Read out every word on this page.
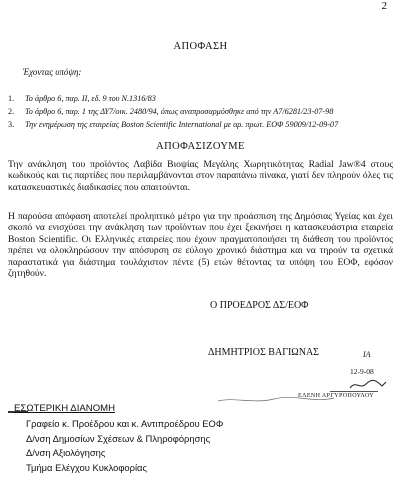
2
ΑΠΟΦΑΣΗ
Έχοντας υπόψη:
1.	Το άρθρο 6, παρ. II, εδ. 9 του Ν.1316/83
2.	Το άρθρο 6, παρ. 1 της ΔΥ7/οικ. 2480/94, όπως αναπροσαρμόσθηκε από την Α7/6281/23-07-98
3.	Την ενημέρωση της εταιρείας Boston Scientific International με αρ. πρωτ. ΕΟΦ 59009/12-09-07
ΑΠΟΦΑΣΙΖΟΥΜΕ
Την ανάκληση του προϊόντος Λαβίδα Βιοψίας Μεγάλης Χωρητικότητας Radial Jaw®4 στους κωδικούς και τις παρτίδες που περιλαμβάνονται στον παραπάνω πίνακα, γιατί δεν πληρούν όλες τις κατασκευαστικές διαδικασίες που απαιτούνται.
Η παρούσα απόφαση αποτελεί προληπτικό μέτρο για την προάσπιση της Δημόσιας Υγείας και έχει σκοπό να ενισχύσει την ανάκληση των προϊόντων που έχει ξεκινήσει η κατασκευάστρια εταιρεία Boston Scientific. Οι Ελληνικές εταιρείες που έχουν πραγματοποιήσει τη διάθεση του προϊόντος πρέπει να ολοκληρώσουν την απόσυρση σε εύλογο χρονικό διάστημα και να τηρούν τα σχετικά παραστατικά για διάστημα τουλάχιστον πέντε (5) ετών θέτοντας τα υπόψη του ΕΟΦ, εφόσον ζητηθούν.
Ο ΠΡΟΕΔΡΟΣ ΔΣ/ΕΟΦ
ΔΗΜΗΤΡΙΟΣ ΒΑΓΙΩΝΑΣ	ΙΑ
12-9-08
ΕΛΕΝΗ ΑΡΓΥΡΟΠΟΥΛΟΥ
ΕΣΩΤΕΡΙΚΗ ΔΙΑΝΟΜΗ
Γραφείο κ. Προέδρου και κ. Αντιπροέδρου ΕΟΦ
Δ/νση Δημοσίων Σχέσεων & Πληροφόρησης
Δ/νση Αξιολόγησης
Τμήμα Ελέγχου Κυκλοφορίας
